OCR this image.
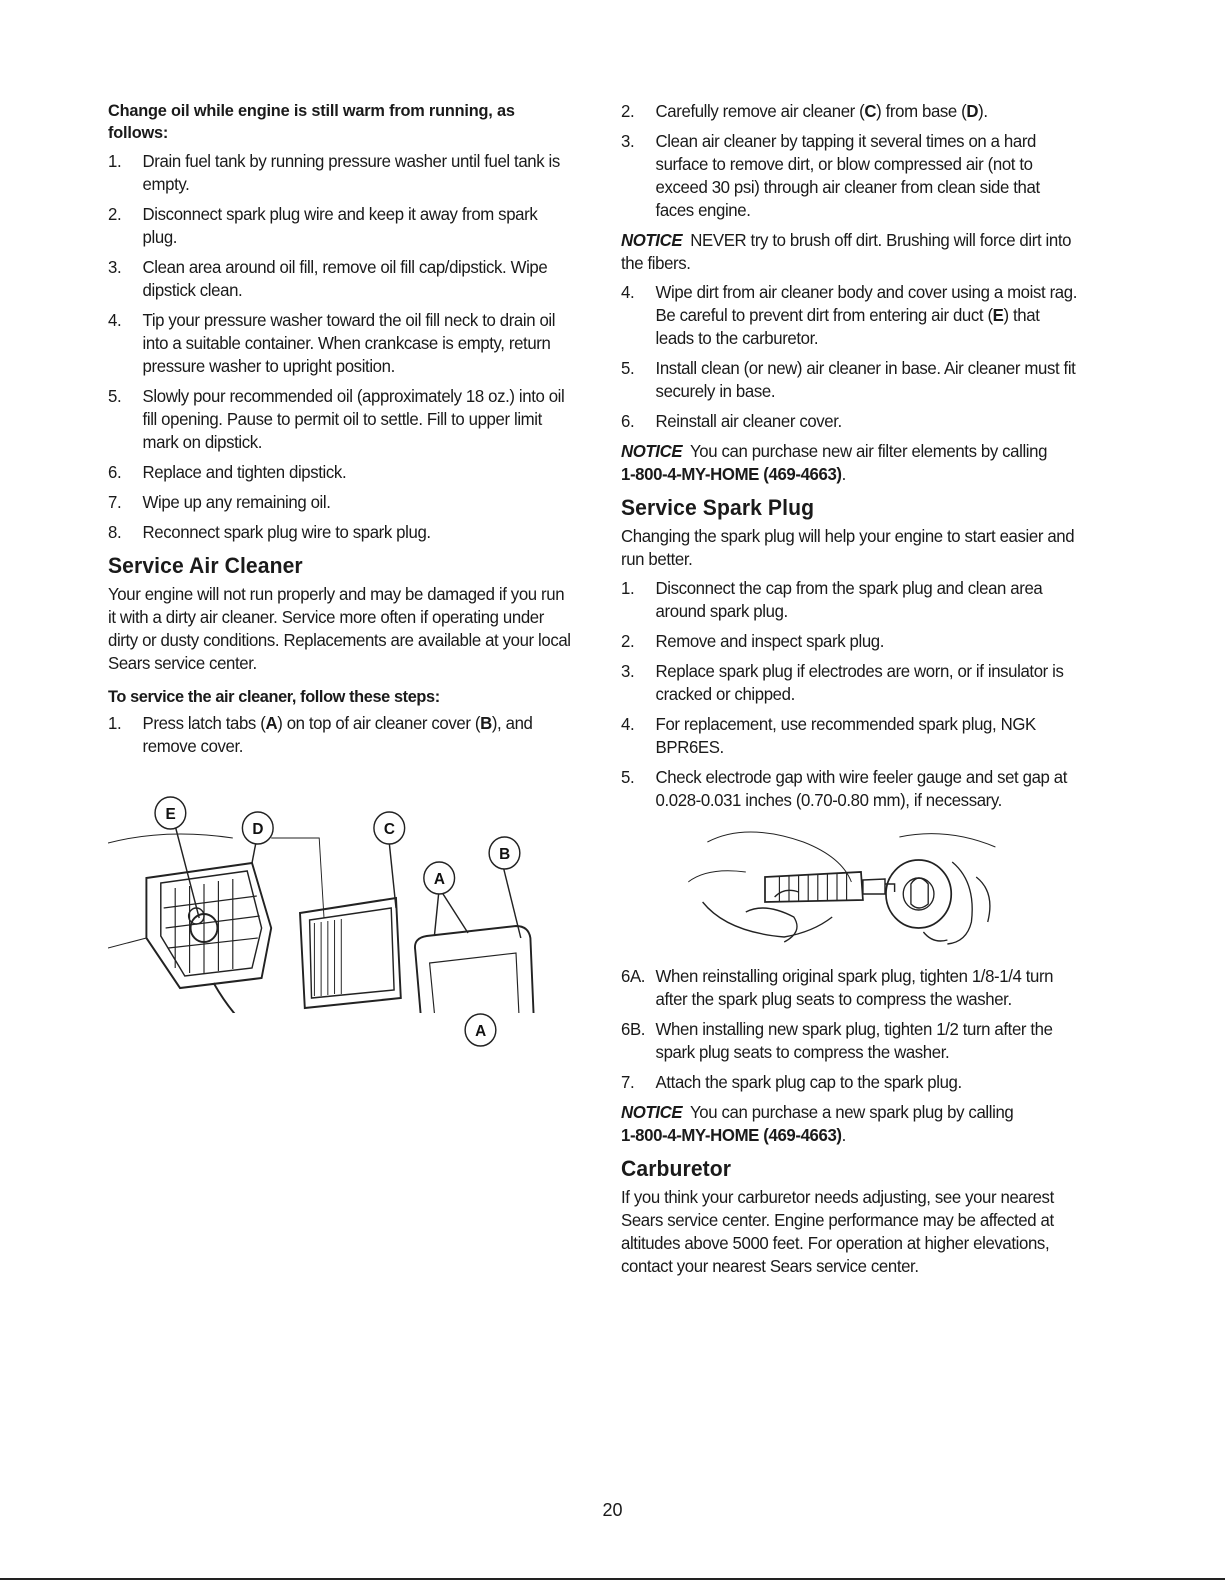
Change oil while engine is still warm from running, as follows:
1. Drain fuel tank by running pressure washer until fuel tank is empty.
2. Disconnect spark plug wire and keep it away from spark plug.
3. Clean area around oil fill, remove oil fill cap/dipstick. Wipe dipstick clean.
4. Tip your pressure washer toward the oil fill neck to drain oil into a suitable container. When crankcase is empty, return pressure washer to upright position.
5. Slowly pour recommended oil (approximately 18 oz.) into oil fill opening. Pause to permit oil to settle. Fill to upper limit mark on dipstick.
6. Replace and tighten dipstick.
7. Wipe up any remaining oil.
8. Reconnect spark plug wire to spark plug.
Service Air Cleaner

Your engine will not run properly and may be damaged if you run it with a dirty air cleaner. Service more often if operating under dirty or dusty conditions. Replacements are available at your local Sears service center.

To service the air cleaner, follow these steps:
1. Press latch tabs (A) on top of air cleaner cover (B), and remove cover.
D
E
C
B
A

A
2. Carefully remove air cleaner (C) from base (D).
3. Clean air cleaner by tapping it several times on a hard surface to remove dirt, or blow compressed air (not to exceed 30 psi) through air cleaner from clean side that faces engine.

NOTICE NEVER try to brush off dirt. Brushing will force dirt into the fibers.

4. Wipe dirt from air cleaner body and cover using a moist rag. Be careful to prevent dirt from entering air duct (E) that leads to the carburetor.
5. Install clean (or new) air cleaner in base. Air cleaner must fit securely in base.
6. Reinstall air cleaner cover.

NOTICE You can purchase new air filter elements by calling
1-800-4-MY-HOME (469-4663).

Service Spark Plug

Changing the spark plug will help your engine to start easier and run better.

1. Disconnect the cap from the spark plug and clean area around spark plug.
2. Remove and inspect spark plug.
3. Replace spark plug if electrodes are worn, or if insulator is cracked or chipped.
4. For replacement, use recommended spark plug, NGK BPR6ES.
5. Check electrode gap with wire feeler gauge and set gap at 0.028-0.031 inches (0.70-0.80 mm), if necessary.
6A. When reinstalling original spark plug, tighten 1/8-1/4 turn after the spark plug seats to compress the washer.
6B. When installing new spark plug, tighten 1/2 turn after the spark plug seats to compress the washer.
7. Attach the spark plug cap to the spark plug.

NOTICE You can purchase a new spark plug by calling
1-800-4-MY-HOME (469-4663).

Carburetor

If you think your carburetor needs adjusting, see your nearest Sears service center. Engine performance may be affected at altitudes above 5000 feet. For operation at higher elevations, contact your nearest Sears service center.

20
